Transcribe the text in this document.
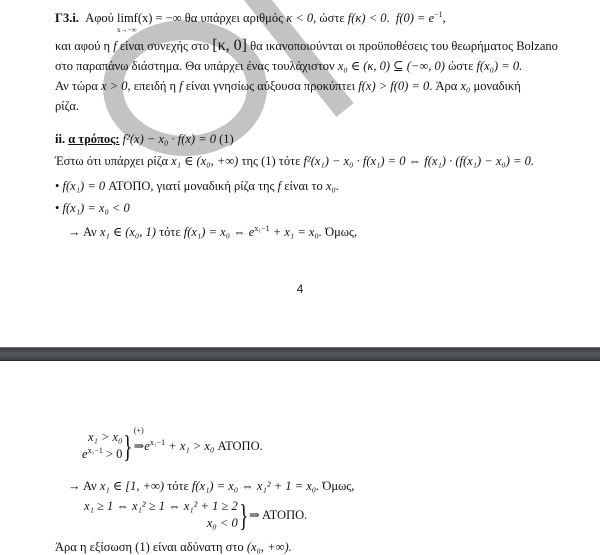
Γ3.i. Αφού lim
x→−∞
f(x) = −∞ θα υπάρχει αριθμός κ < 0, ώστε f(κ) < 0. $f(0) = e^{-1}$,
και αφού η f είναι συνεχής στο [κ, 0] θα ικανοποιούνται οι προϋποθέσεις του θεωρήματος Bolzano
στο παραπάνω διάστημα. Θα υπάρχει ένας τουλάχιστον x₀ ∈ (κ, 0) ⊆ (−∞, 0) ώστε f(x₀) = 0.
Αν τώρα x > 0, επειδή η f είναι γνησίως αύξουσα προκύπτει f(x) > f(0) = 0. Άρα x₀ μοναδική
ρίζα.
ii. α τρόπος: f²(x) − x₀ · f(x) = 0 (1)
Έστω ότι υπάρχει ρίζα x₁ ∈ (x₀, +∞) της (1) τότε f²(x₁) − x₀ · f(x₁) = 0 ⇔ f(x₁) · (f(x₁) − x₀) = 0.
• f(x₁) = 0 ΑΤΟΠΟ, γιατί μοναδική ρίζα της f είναι το x₀.
• f(x₁) = x₀ < 0
→ Αν x₁ ∈ (x₀, 1) τότε f(x₁) = x₀ ⇔ $e^{x_1-1} + x_1 = x_0$. Όμως,
4
x₁ > x₀
$e^{x_1-1} > 0$ } (+)
$\Rightarrow e^{x_1-1} + x_1 > x_0$ ΑΤΟΠΟ.
→ Αν x₁ ∈ [1, +∞) τότε f(x₁) = x₀ ⇔ x₁² + 1 = x₀. Όμως,
x₁ ≥ 1 ⇔ x₁² ≥ 1 ⇔ x₁² + 1 ≥ 2
x₀ < 0 }⇒ ΑΤΟΠΟ.
Άρα η εξίσωση (1) είναι αδύνατη στο (x₀, +∞).
